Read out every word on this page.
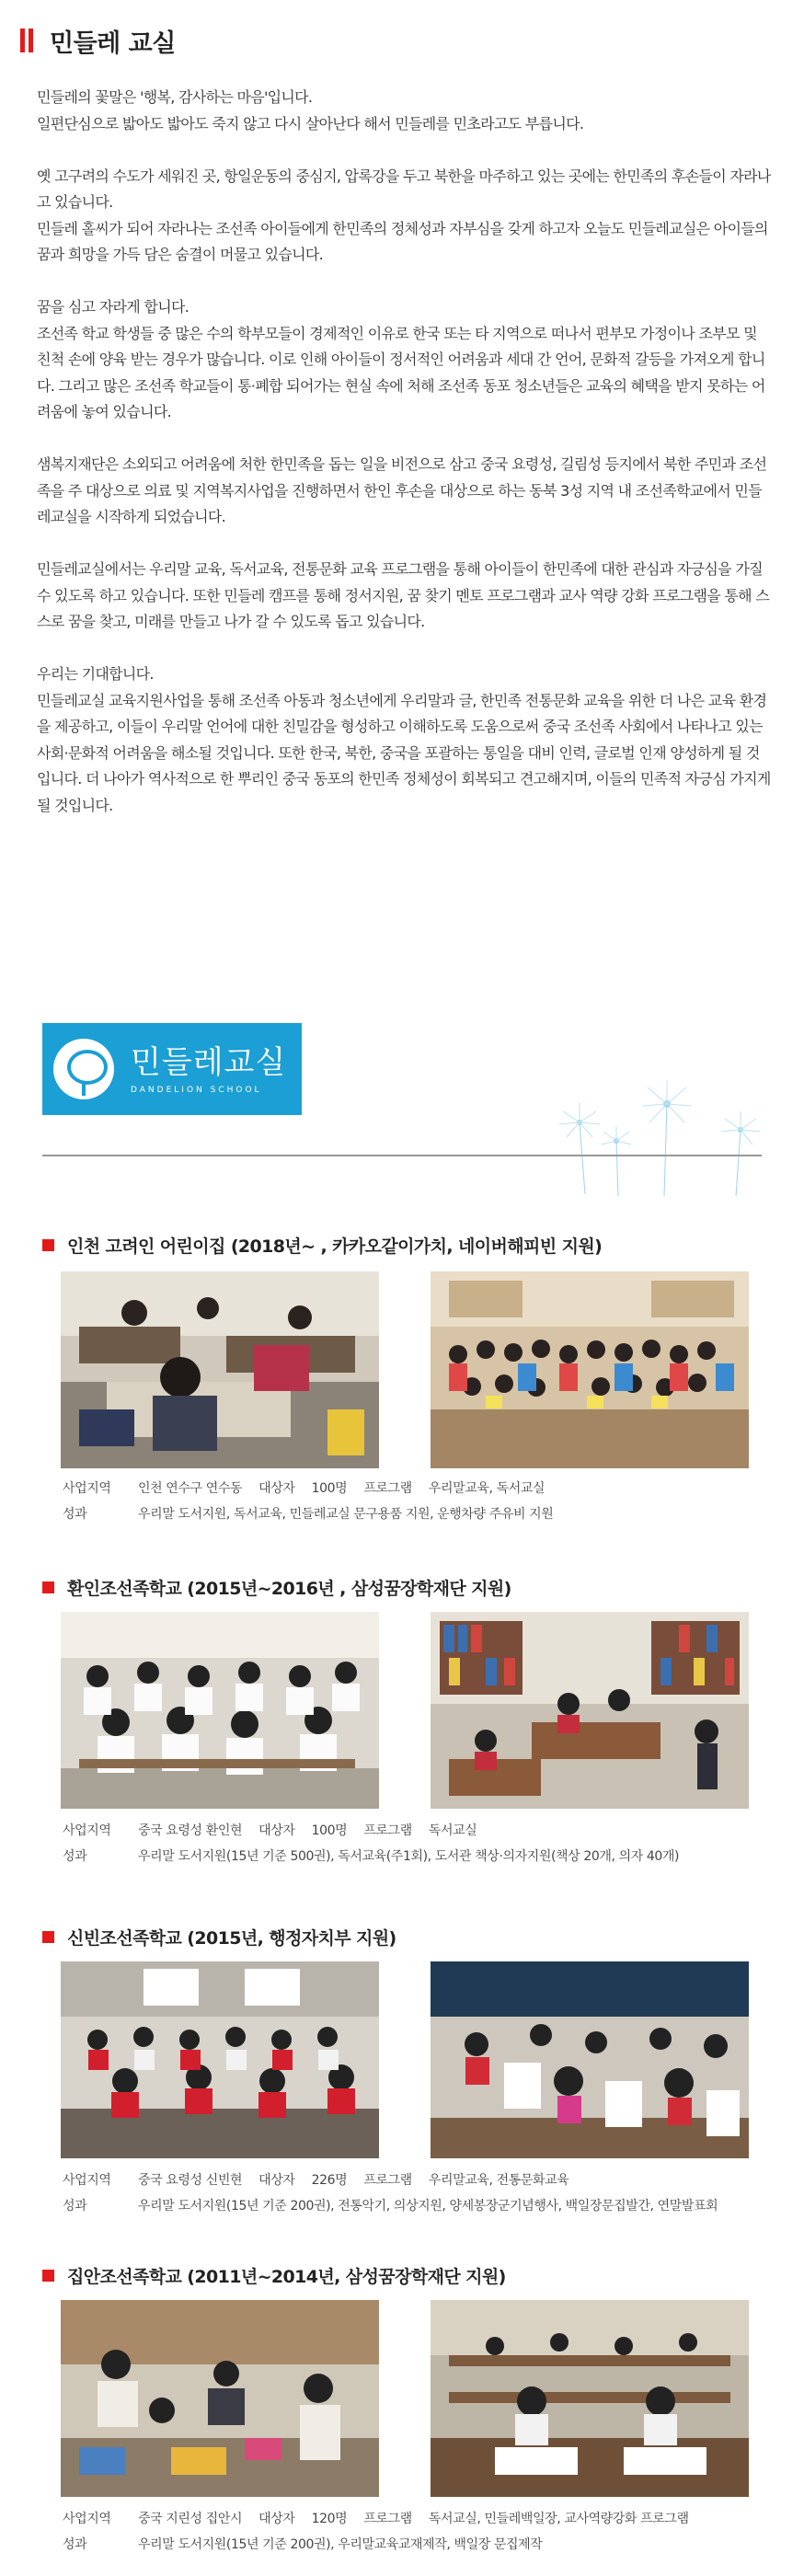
민들레 교실

민들레의 꽃말은 '행복, 감사하는 마음'입니다.
일편단심으로 밟아도 밟아도 죽지 않고 다시 살아난다 해서 민들레를 민초라고도 부릅니다.

옛 고구려의 수도가 세워진 곳, 항일운동의 중심지, 압록강을 두고 북한을 마주하고 있는 곳에는 한민족의 후손들이 자라나고 있습니다.
민들레 홀씨가 되어 자라나는 조선족 아이들에게 한민족의 정체성과 자부심을 갖게 하고자 오늘도 민들레교실은 아이들의 꿈과 희망을 가득 담은 숨결이 머물고 있습니다.

꿈을 심고 자라게 합니다.
조선족 학교 학생들 중 많은 수의 학부모들이 경제적인 이유로 한국 또는 타 지역으로 떠나서 편부모 가정이나 조부모 및 친척 손에 양육 받는 경우가 많습니다. 이로 인해 아이들이 정서적인 어려움과 세대 간 언어, 문화적 갈등을 가져오게 합니다. 그리고 많은 조선족 학교들이 통·폐합 되어가는 현실 속에 처해 조선족 동포 청소년들은 교육의 혜택을 받지 못하는 어려움에 놓여 있습니다.

샘복지재단은 소외되고 어려움에 처한 한민족을 돕는 일을 비전으로 삼고 중국 요령성, 길림성 등지에서 북한 주민과 조선족을 주 대상으로 의료 및 지역복지사업을 진행하면서 한인 후손을 대상으로 하는 동북 3성 지역 내 조선족학교에서 민들레교실을 시작하게 되었습니다.

민들레교실에서는 우리말 교육, 독서교육, 전통문화 교육 프로그램을 통해 아이들이 한민족에 대한 관심과 자긍심을 가질 수 있도록 하고 있습니다. 또한 민들레 캠프를 통해 정서지원, 꿈 찾기 멘토 프로그램과 교사 역량 강화 프로그램을 통해 스스로 꿈을 찾고, 미래를 만들고 나가 갈 수 있도록 돕고 있습니다.

우리는 기대합니다.
민들레교실 교육지원사업을 통해 조선족 아동과 청소년에게 우리말과 글, 한민족 전통문화 교육을 위한 더 나은 교육 환경을 제공하고, 이들이 우리말 언어에 대한 친밀감을 형성하고 이해하도록 도움으로써 중국 조선족 사회에서 나타나고 있는 사회·문화적 어려움을 해소될 것입니다. 또한 한국, 북한, 중국을 포괄하는 통일을 대비 인력, 글로벌 인재 양성하게 될 것입니다. 더 나아가 역사적으로 한 뿌리인 중국 동포의 한민족 정체성이 회복되고 견고해지며, 이들의 민족적 자긍심 가지게 될 것입니다.

민들레교실
DANDELION SCHOOL
인천 고려인 어린이집 (2018년~ , 카카오같이가치, 네이버해피빈 지원)
사업지역	인천 연수구 연수동 대상자 100명 프로그램 우리말교육, 독서교실
성과	우리말 도서지원, 독서교육, 민들레교실 문구용품 지원, 운행차량 주유비 지원
환인조선족학교 (2015년~2016년 , 삼성꿈장학재단 지원)
사업지역	중국 요령성 환인현 대상자 100명 프로그램 독서교실
성과	우리말 도서지원(15년 기준 500권), 독서교육(주1회), 도서관 책상·의자지원(책상 20개, 의자 40개)
신빈조선족학교 (2015년, 행정자치부 지원)
사업지역	중국 요령성 신빈현 대상자 226명 프로그램 우리말교육, 전통문화교육
성과	우리말 도서지원(15년 기준 200권), 전통악기, 의상지원, 양세봉장군기념행사, 백일장문집발간, 연말발표회
집안조선족학교 (2011년~2014년, 삼성꿈장학재단 지원)
사업지역	중국 지린성 집안시 대상자 120명 프로그램 독서교실, 민들레백일장, 교사역량강화 프로그램
성과	우리말 도서지원(15년 기준 200권), 우리말교육교재제작, 백일장 문집제작
